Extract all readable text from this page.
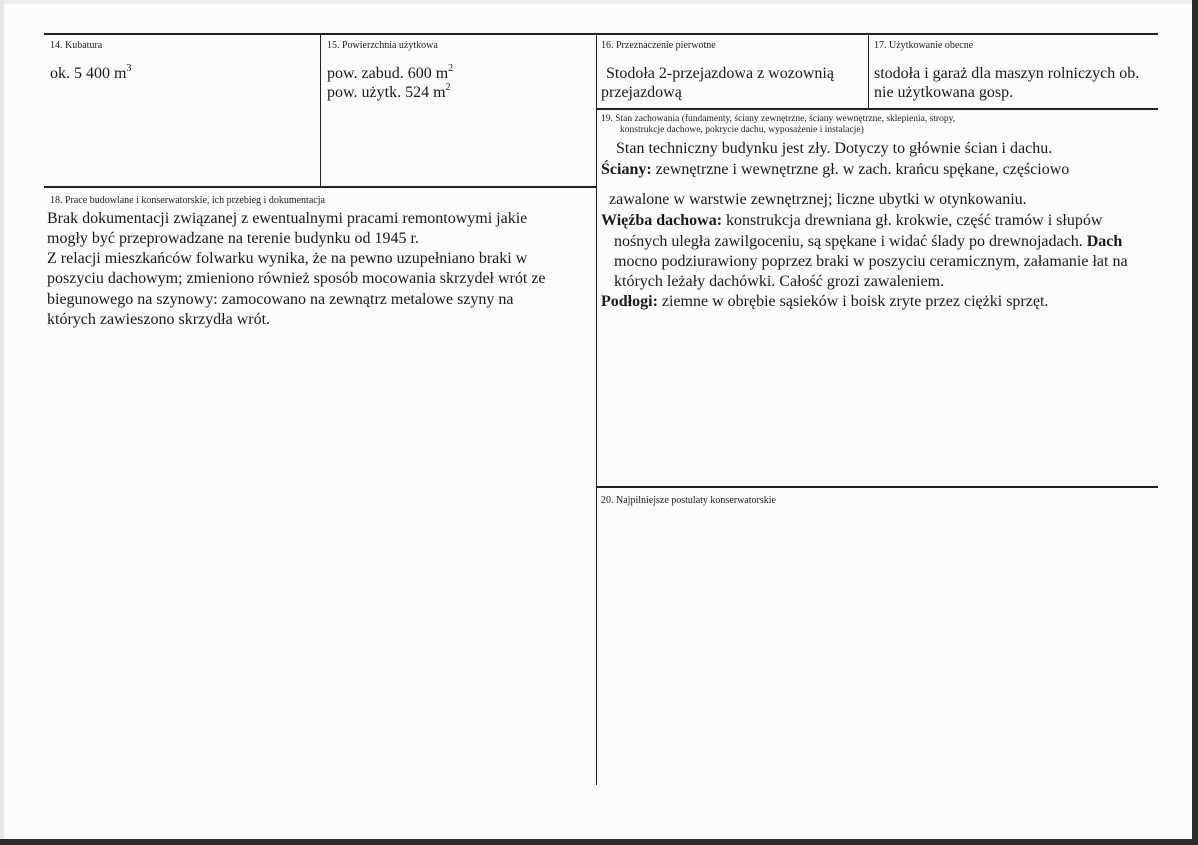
14. Kubatura
ok. 5 400 $m^3$
15. Powierzchnia użytkowa
pow. zabud. 600 $m^2$
pow. użytk. 524 $m^2$
16. Przeznaczenie pierwotne
Stodoła 2-przejazdowa z wozownią
przejazdową
17. Użytkowanie obecne
stodoła i garaż dla maszyn rolniczych ob.
nie użytkowana gosp.
18. Prace budowlane i konserwatorskie, ich przebieg i dokumentacja
Brak dokumentacji związanej z ewentualnymi pracami remontowymi jakie
mogły być przeprowadzane na terenie budynku od 1945 r.
Z relacji mieszkańców folwarku wynika, że na pewno uzupełniano braki w
poszyciu dachowym; zmieniono również sposób mocowania skrzydeł wrót ze
biegunowego na szynowy: zamocowano na zewnątrz metalowe szyny na
których zawieszono skrzydła wrót.
19. Stan zachowania (fundamenty, ściany zewnętrzne, ściany wewnętrzne, sklepienia, stropy,
konstrukcje dachowe, pokrycie dachu, wyposażenie i instalacje)
Stan techniczny budynku jest zły. Dotyczy to głównie ścian i dachu.
Ściany: zewnętrzne i wewnętrzne gł. w zach. krańcu spękane, częściowo
zawalone w warstwie zewnętrznej; liczne ubytki w otynkowaniu.
Więźba dachowa: konstrukcja drewniana gł. krokwie, część tramów i słupów
nośnych uległa zawilgoceniu, są spękane i widać ślady po drewnojadach. Dach
mocno podziurawiony poprzez braki w poszyciu ceramicznym, załamanie łat na
których leżały dachówki. Całość grozi zawaleniem.
Podłogi: ziemne w obrębie sąsieków i boisk zryte przez ciężki sprzęt.
20. Najpilniejsze postulaty konserwatorskie
